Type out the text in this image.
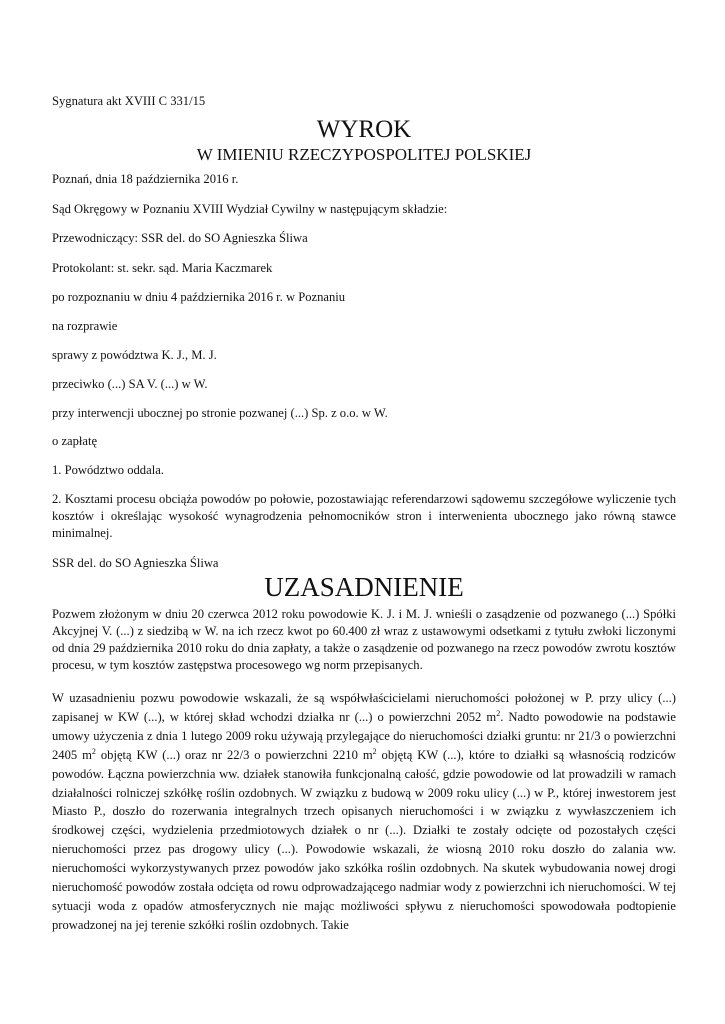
Sygnatura akt XVIII C 331/15
WYROK
W IMIENIU RZECZYPOSPOLITEJ POLSKIEJ
Poznań, dnia 18 października 2016 r.
Sąd Okręgowy w Poznaniu XVIII Wydział Cywilny w następującym składzie:
Przewodniczący: SSR del. do SO Agnieszka Śliwa
Protokolant: st. sekr. sąd. Maria Kaczmarek
po rozpoznaniu w dniu 4 października 2016 r. w Poznaniu
na rozprawie
sprawy z powództwa K. J., M. J.
przeciwko (...) SA V. (...) w W.
przy interwencji ubocznej po stronie pozwanej (...) Sp. z o.o. w W.
o zapłatę
1. Powództwo oddala.
2. Kosztami procesu obciąża powodów po połowie, pozostawiając referendarzowi sądowemu szczegółowe wyliczenie tych kosztów i określając wysokość wynagrodzenia pełnomocników stron i interwenienta ubocznego jako równą stawce minimalnej.
SSR del. do SO Agnieszka Śliwa
UZASADNIENIE
Pozwem złożonym w dniu 20 czerwca 2012 roku powodowie K. J. i M. J. wnieśli o zasądzenie od pozwanego (...) Spółki Akcyjnej V. (...) z siedzibą w W. na ich rzecz kwot po 60.400 zł wraz z ustawowymi odsetkami z tytułu zwłoki liczonymi od dnia 29 października 2010 roku do dnia zapłaty, a także o zasądzenie od pozwanego na rzecz powodów zwrotu kosztów procesu, w tym kosztów zastępstwa procesowego wg norm przepisanych.
W uzasadnieniu pozwu powodowie wskazali, że są współwłaścicielami nieruchomości położonej w P. przy ulicy (...) zapisanej w KW (...), w której skład wchodzi działka nr (...) o powierzchni 2052 $m^2$. Nadto powodowie na podstawie umowy użyczenia z dnia 1 lutego 2009 roku używają przylegające do nieruchomości działki gruntu: nr 21/3 o powierzchni 2405 $m^2$ objętą KW (...) oraz nr 22/3 o powierzchni 2210 $m^2$ objętą KW (...), które to działki są własnością rodziców powodów. Łączna powierzchnia ww. działek stanowiła funkcjonalną całość, gdzie powodowie od lat prowadzili w ramach działalności rolniczej szkółkę roślin ozdobnych. W związku z budową w 2009 roku ulicy (...) w P., której inwestorem jest Miasto P., doszło do rozerwania integralnych trzech opisanych nieruchomości i w związku z wywłaszczeniem ich środkowej części, wydzielenia przedmiotowych działek o nr (...). Działki te zostały odcięte od pozostałych części nieruchomości przez pas drogowy ulicy (...). Powodowie wskazali, że wiosną 2010 roku doszło do zalania ww. nieruchomości wykorzystywanych przez powodów jako szkółka roślin ozdobnych. Na skutek wybudowania nowej drogi nieruchomość powodów została odcięta od rowu odprowadzającego nadmiar wody z powierzchni ich nieruchomości. W tej sytuacji woda z opadów atmosferycznych nie mając możliwości spływu z nieruchomości spowodowała podtopienie prowadzonej na jej terenie szkółki roślin ozdobnych. Takie
